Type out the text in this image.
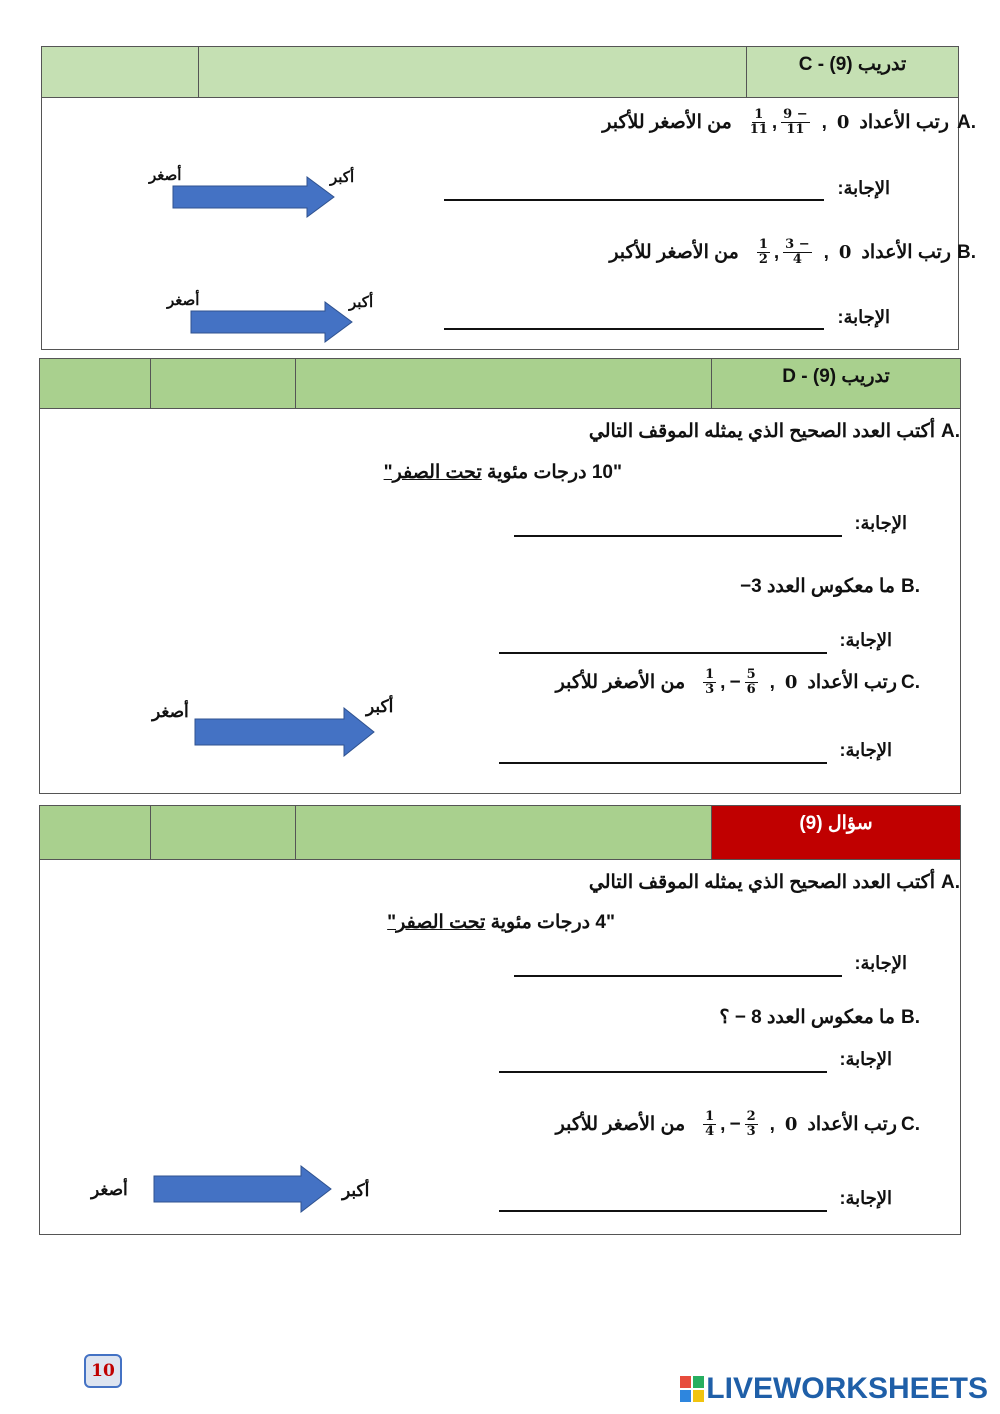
تدريب (9) - C
A.
رتب الأعداد
0
,
$\frac{- 9}{11}$
,
$\frac{1}{11}$
من الأصغر للأكبر
الإجابة:
أصغر	أكبر
B.
رتب الأعداد
0
,
$\frac{- 3}{4}$
,
$\frac{1}{2}$
من الأصغر للأكبر
الإجابة:
أصغر	أكبر
تدريب (9) - D
A.
أكتب العدد الصحيح الذي يمثله الموقف التالي
"10 درجات مئوية تحت الصفر"
الإجابة:
B.
ما معكوس العدد 3−
الإجابة:
C.
رتب الأعداد
0
,
$\frac{5}{6}$
−
,
$\frac{1}{3}$
من الأصغر للأكبر
الإجابة:
أصغر	أكبر
سؤال (9)
A.
أكتب العدد الصحيح الذي يمثله الموقف التالي
"4 درجات مئوية تحت الصفر"
الإجابة:
B.
ما معكوس العدد 8 − ؟
الإجابة:
C.
رتب الأعداد
0
,
$\frac{2}{3}$
−
,
$\frac{1}{4}$
من الأصغر للأكبر
الإجابة:
أصغر	أكبر
10
LIVEWORKSHEETS
